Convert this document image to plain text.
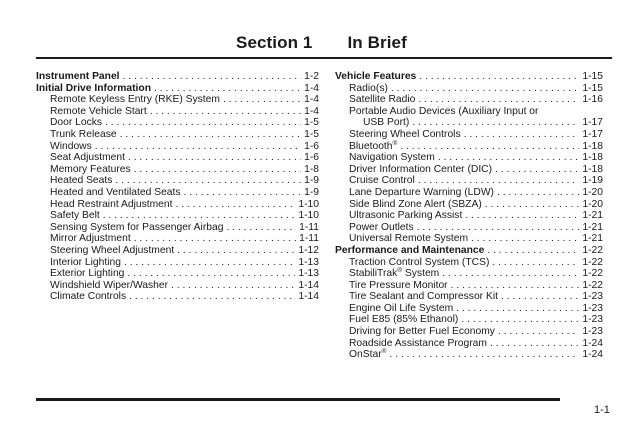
Section 1 In Brief
Instrument Panel . . .	1-2
Initial Drive Information . . .	1-4
Remote Keyless Entry (RKE) System . . .	1-4
Remote Vehicle Start . . .	1-4
Door Locks . . .	1-5
Trunk Release . . .	1-5
Windows . . .	1-6
Seat Adjustment . . .	1-6
Memory Features . . .	1-8
Heated Seats . . .	1-9
Heated and Ventilated Seats . . .	1-9
Head Restraint Adjustment . . .	1-10
Safety Belt . . .	1-10
Sensing System for Passenger Airbag . . .	1-11
Mirror Adjustment . . .	1-11
Steering Wheel Adjustment . . .	1-12
Interior Lighting . . .	1-13
Exterior Lighting . . .	1-13
Windshield Wiper/Washer . . .	1-14
Climate Controls . . .	1-14
Vehicle Features . . .	1-15
Radio(s) . . .	1-15
Satellite Radio . . .	1-16
Portable Audio Devices (Auxiliary Input or
USB Port) . . .	1-17
Steering Wheel Controls . . .	1-17
Bluetooth® . . .	1-18
Navigation System . . .	1-18
Driver Information Center (DIC) . . .	1-18
Cruise Control . . .	1-19
Lane Departure Warning (LDW) . . .	1-20
Side Blind Zone Alert (SBZA) . . .	1-20
Ultrasonic Parking Assist . . .	1-21
Power Outlets . . .	1-21
Universal Remote System . . .	1-21
Performance and Maintenance . . .	1-22
Traction Control System (TCS) . . .	1-22
StabiliTrak® System . . .	1-22
Tire Pressure Monitor . . .	1-22
Tire Sealant and Compressor Kit . . .	1-23
Engine Oil Life System . . .	1-23
Fuel E85 (85% Ethanol) . . .	1-23
Driving for Better Fuel Economy . . .	1-23
Roadside Assistance Program . . .	1-24
OnStar® . . .	1-24
1-1
